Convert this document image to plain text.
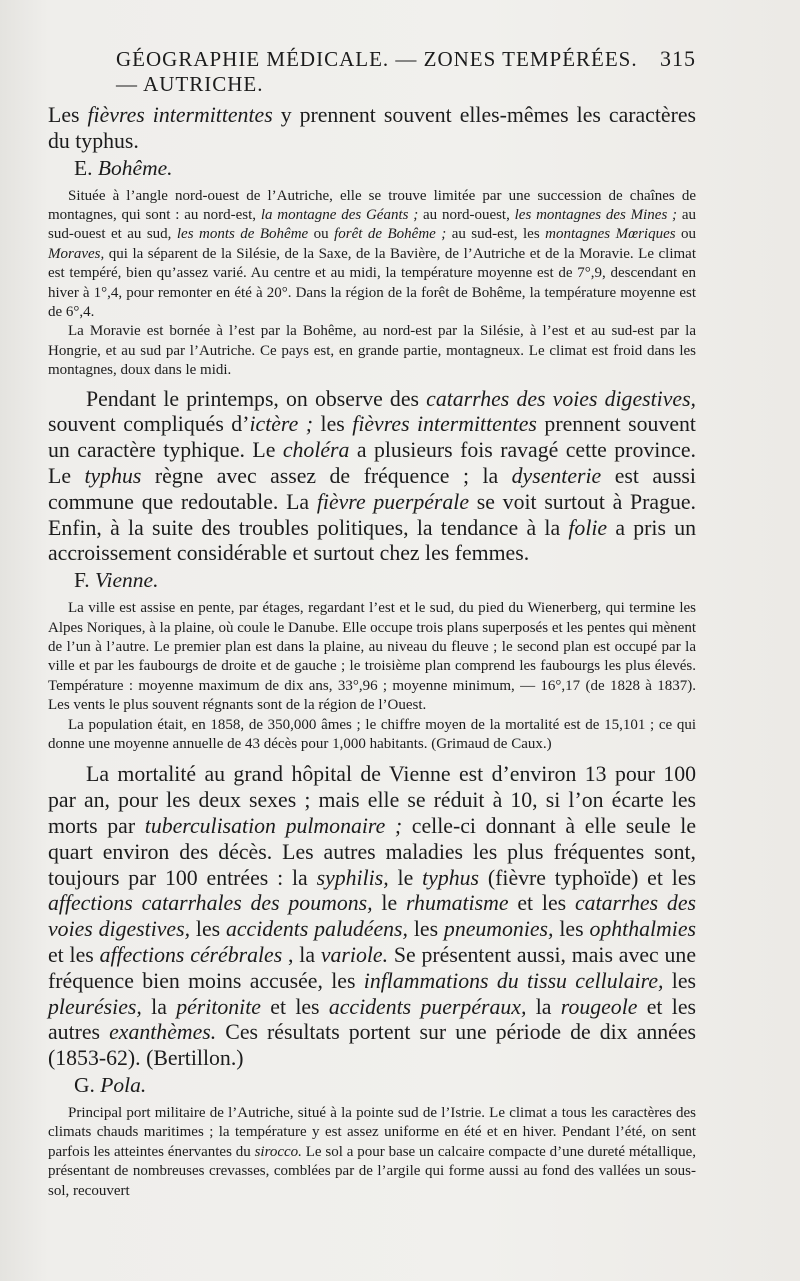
GÉOGRAPHIE MÉDICALE. — ZONES TEMPÉRÉES. — AUTRICHE.
315

Les fièvres intermittentes y prennent souvent elles-mêmes les caractères du typhus.

E. Bohême.

Située à l’angle nord-ouest de l’Autriche, elle se trouve limitée par une succession de chaînes de montagnes, qui sont : au nord-est, la montagne des Géants ; au nord-ouest, les montagnes des Mines ; au sud-ouest et au sud, les monts de Bohême ou forêt de Bohême ; au sud-est, les montagnes Mœriques ou Moraves, qui la séparent de la Silésie, de la Saxe, de la Bavière, de l’Autriche et de la Moravie. Le climat est tempéré, bien qu’assez varié. Au centre et au midi, la température moyenne est de 7°,9, descendant en hiver à 1°,4, pour remonter en été à 20°. Dans la région de la forêt de Bohême, la température moyenne est de 6°,4.

La Moravie est bornée à l’est par la Bohême, au nord-est par la Silésie, à l’est et au sud-est par la Hongrie, et au sud par l’Autriche. Ce pays est, en grande partie, montagneux. Le climat est froid dans les montagnes, doux dans le midi.

Pendant le printemps, on observe des catarrhes des voies digestives, souvent compliqués d’ictère ; les fièvres intermittentes prennent souvent un caractère typhique. Le choléra a plusieurs fois ravagé cette province. Le typhus règne avec assez de fréquence ; la dysenterie est aussi commune que redoutable. La fièvre puerpérale se voit surtout à Prague. Enfin, à la suite des troubles politiques, la tendance à la folie a pris un accroissement considérable et surtout chez les femmes.

F. Vienne.

La ville est assise en pente, par étages, regardant l’est et le sud, du pied du Wienerberg, qui termine les Alpes Noriques, à la plaine, où coule le Danube. Elle occupe trois plans superposés et les pentes qui mènent de l’un à l’autre. Le premier plan est dans la plaine, au niveau du fleuve ; le second plan est occupé par la ville et par les faubourgs de droite et de gauche ; le troisième plan comprend les faubourgs les plus élevés. Température : moyenne maximum de dix ans, 33°,96 ; moyenne minimum, — 16°,17 (de 1828 à 1837). Les vents le plus souvent régnants sont de la région de l’Ouest.

La population était, en 1858, de 350,000 âmes ; le chiffre moyen de la mortalité est de 15,101 ; ce qui donne une moyenne annuelle de 43 décès pour 1,000 habitants. (Grimaud de Caux.)

La mortalité au grand hôpital de Vienne est d’environ 13 pour 100 par an, pour les deux sexes ; mais elle se réduit à 10, si l’on écarte les morts par tuberculisation pulmonaire ; celle-ci donnant à elle seule le quart environ des décès. Les autres maladies les plus fréquentes sont, toujours par 100 entrées : la syphilis, le typhus (fièvre typhoïde) et les affections catarrhales des poumons, le rhumatisme et les catarrhes des voies digestives, les accidents paludéens, les pneumonies, les ophthalmies et les affections cérébrales , la variole. Se présentent aussi, mais avec une fréquence bien moins accusée, les inflammations du tissu cellulaire, les pleurésies, la péritonite et les accidents puerpéraux, la rougeole et les autres exanthèmes. Ces résultats portent sur une période de dix années (1853-62). (Bertillon.)

G. Pola.

Principal port militaire de l’Autriche, situé à la pointe sud de l’Istrie. Le climat a tous les caractères des climats chauds maritimes ; la température y est assez uniforme en été et en hiver. Pendant l’été, on sent parfois les atteintes énervantes du sirocco. Le sol a pour base un calcaire compacte d’une dureté métallique, présentant de nombreuses crevasses, comblées par de l’argile qui forme aussi au fond des vallées un sous-sol, recouvert
